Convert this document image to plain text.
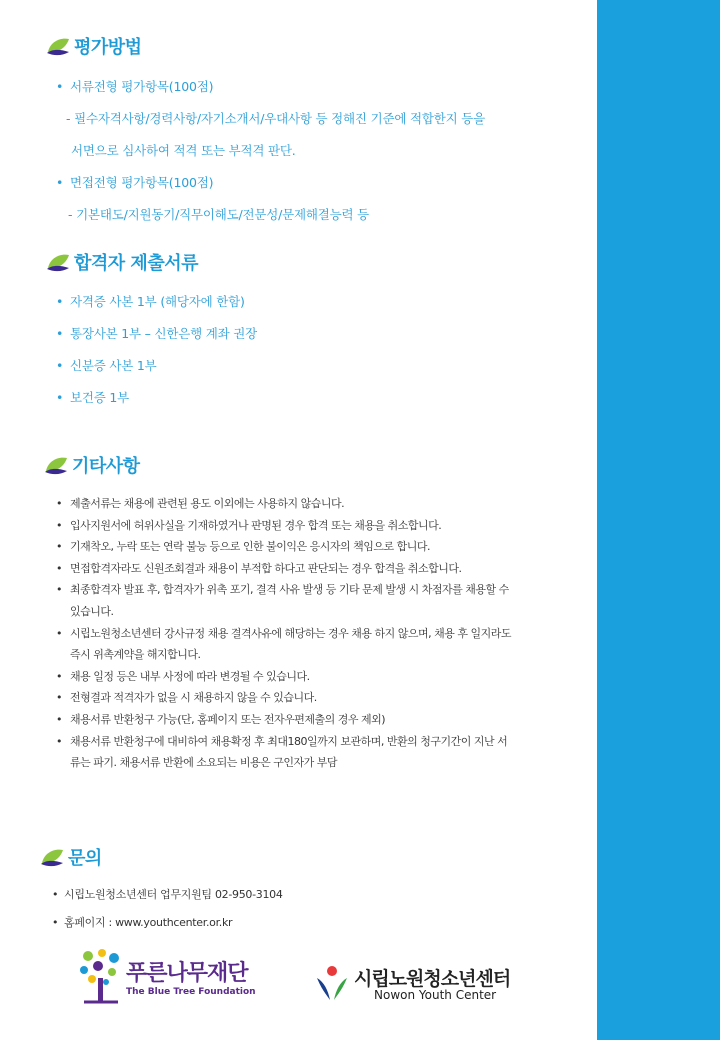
평가방법
• 서류전형 평가항목(100점)
- 필수자격사항/경력사항/자기소개서/우대사항 등 정해진 기준에 적합한지 등을
서면으로 심사하여 적격 또는 부적격 판단.
• 면접전형 평가항목(100점)
- 기본태도/지원동기/직무이해도/전문성/문제해결능력 등
합격자 제출서류
• 자격증 사본 1부 (해당자에 한함)
• 통장사본 1부 – 신한은행 계좌 권장
• 신분증 사본 1부
• 보건증 1부
기타사항
• 제출서류는 채용에 관련된 용도 이외에는 사용하지 않습니다.
• 입사지원서에 허위사실을 기재하였거나 판명된 경우 합격 또는 채용을 취소합니다.
• 기재착오, 누락 또는 연락 불능 등으로 인한 불이익은 응시자의 책임으로 합니다.
• 면접합격자라도 신원조회결과 채용이 부적합 하다고 판단되는 경우 합격을 취소합니다.
• 최종합격자 발표 후, 합격자가 위촉 포기, 결격 사유 발생 등 기타 문제 발생 시 차점자를 채용할 수 있습니다.
• 시립노원청소년센터 강사규정 채용 결격사유에 해당하는 경우 채용 하지 않으며, 채용 후 일지라도 즉시 위촉계약을 해지합니다.
• 채용 일정 등은 내부 사정에 따라 변경될 수 있습니다.
• 전형결과 적격자가 없을 시 채용하지 않을 수 있습니다.
• 채용서류 반환청구 가능(단, 홈페이지 또는 전자우편제출의 경우 제외)
• 채용서류 반환청구에 대비하여 채용확정 후 최대180일까지 보관하며, 반환의 청구기간이 지난 서류는 파기. 채용서류 반환에 소요되는 비용은 구인자가 부담
문의
• 시립노원청소년센터 업무지원팀 02-950-3104
• 홈페이지 : www.youthcenter.or.kr
푸른나무재단
The Blue Tree Foundation
시립노원청소년센터
Nowon Youth Center
